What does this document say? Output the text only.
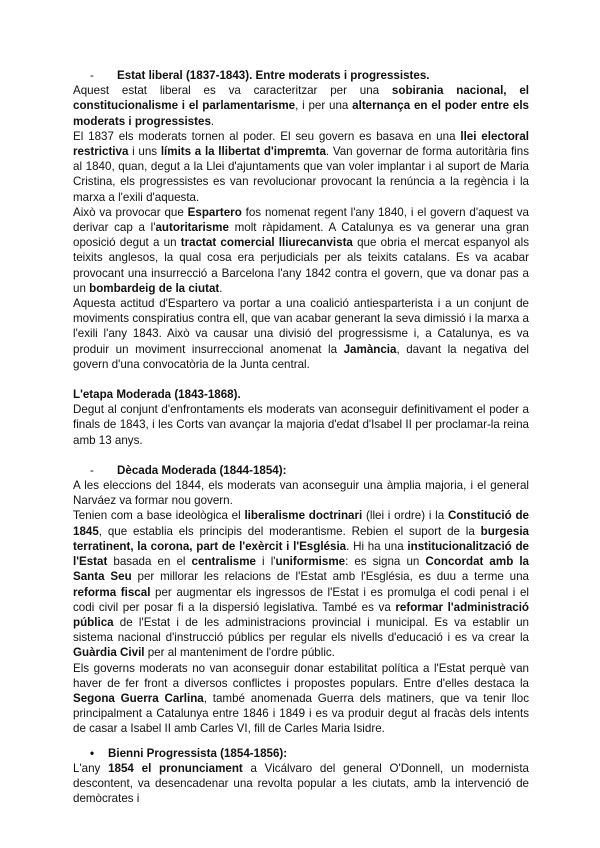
-	Estat liberal (1837-1843). Entre moderats i progressistes.

Aquest estat liberal es va caracteritzar per una sobirania nacional, el constitucionalisme i el parlamentarisme, i per una alternança en el poder entre els moderats i progressistes.

El 1837 els moderats tornen al poder. El seu govern es basava en una llei electoral restrictiva i uns límits a la llibertat d'impremta. Van governar de forma autoritària fins al 1840, quan, degut a la Llei d'ajuntaments que van voler implantar i al suport de Maria Cristina, els progressistes es van revolucionar provocant la renúncia a la regència i la marxa a l'exili d'aquesta.

Això va provocar que Espartero fos nomenat regent l'any 1840, i el govern d'aquest va derivar cap a l'autoritarisme molt ràpidament. A Catalunya es va generar una gran oposició degut a un tractat comercial lliurecanvista que obria el mercat espanyol als teixits anglesos, la qual cosa era perjudicials per als teixits catalans. Es va acabar provocant una insurrecció a Barcelona l'any 1842 contra el govern, que va donar pas a un bombardeig de la ciutat.

Aquesta actitud d'Espartero va portar a una coalició antiesparterista i a un conjunt de moviments conspiratius contra ell, que van acabar generant la seva dimissió i la marxa a l'exili l'any 1843. Això va causar una divisió del progressisme i, a Catalunya, es va produir un moviment insurreccional anomenat la Jamància, davant la negativa del govern d'una convocatòria de la Junta central.

L'etapa Moderada (1843-1868).

Degut al conjunt d'enfrontaments els moderats van aconseguir definitivament el poder a finals de 1843, i les Corts van avançar la majoria d'edat d'Isabel II per proclamar-la reina amb 13 anys.

-	Dècada Moderada (1844-1854):

A les eleccions del 1844, els moderats van aconseguir una àmplia majoria, i el general Narváez va formar nou govern.

Tenien com a base ideològica el liberalisme doctrinari (llei i ordre) i la Constitució de 1845, que establia els principis del moderantisme. Rebien el suport de la burgesia terratinent, la corona, part de l'exèrcit i l'Església. Hi ha una institucionalització de l'Estat basada en el centralisme i l'uniformisme: es signa un Concordat amb la Santa Seu per millorar les relacions de l'Estat amb l'Església, es duu a terme una reforma fiscal per augmentar els ingressos de l'Estat i es promulga el codi penal i el codi civil per posar fi a la dispersió legislativa. També es va reformar l'administració pública de l'Estat i de les administracions provincial i municipal. Es va establir un sistema nacional d'instrucció públics per regular els nivells d'educació i es va crear la Guàrdia Civil per al manteniment de l'ordre públic.

Els governs moderats no van aconseguir donar estabilitat política a l'Estat perquè van haver de fer front a diversos conflictes i propostes populars. Entre d'elles destaca la Segona Guerra Carlina, també anomenada Guerra dels matiners, que va tenir lloc principalment a Catalunya entre 1846 i 1849 i es va produir degut al fracàs dels intents de casar a Isabel II amb Carles VI, fill de Carles Maria Isidre.

•	Bienni Progressista (1854-1856):

L'any 1854 el pronunciament a Vicálvaro del general O'Donnell, un modernista descontent, va desencadenar una revolta popular a les ciutats, amb la intervenció de demòcrates i
